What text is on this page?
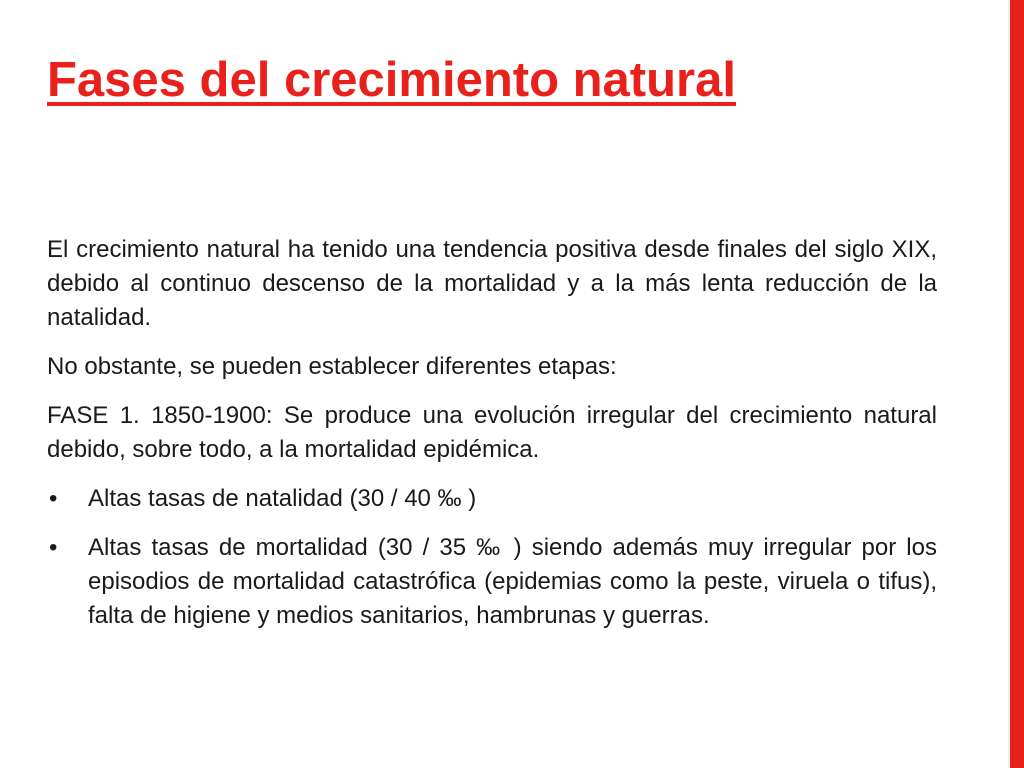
Fases del crecimiento natural

El crecimiento natural ha tenido una tendencia positiva desde finales del siglo XIX, debido al continuo descenso de la mortalidad y a la más lenta reducción de la natalidad.

No obstante, se pueden establecer diferentes etapas:

FASE 1. 1850-1900: Se produce una evolución irregular del crecimiento natural debido, sobre todo, a la mortalidad epidémica.

• Altas tasas de natalidad (30 / 40 ‰ )
• Altas tasas de mortalidad (30 / 35 ‰ ) siendo además muy irregular por los episodios de mortalidad catastrófica (epidemias como la peste, viruela o tifus), falta de higiene y medios sanitarios, hambrunas y guerras.
